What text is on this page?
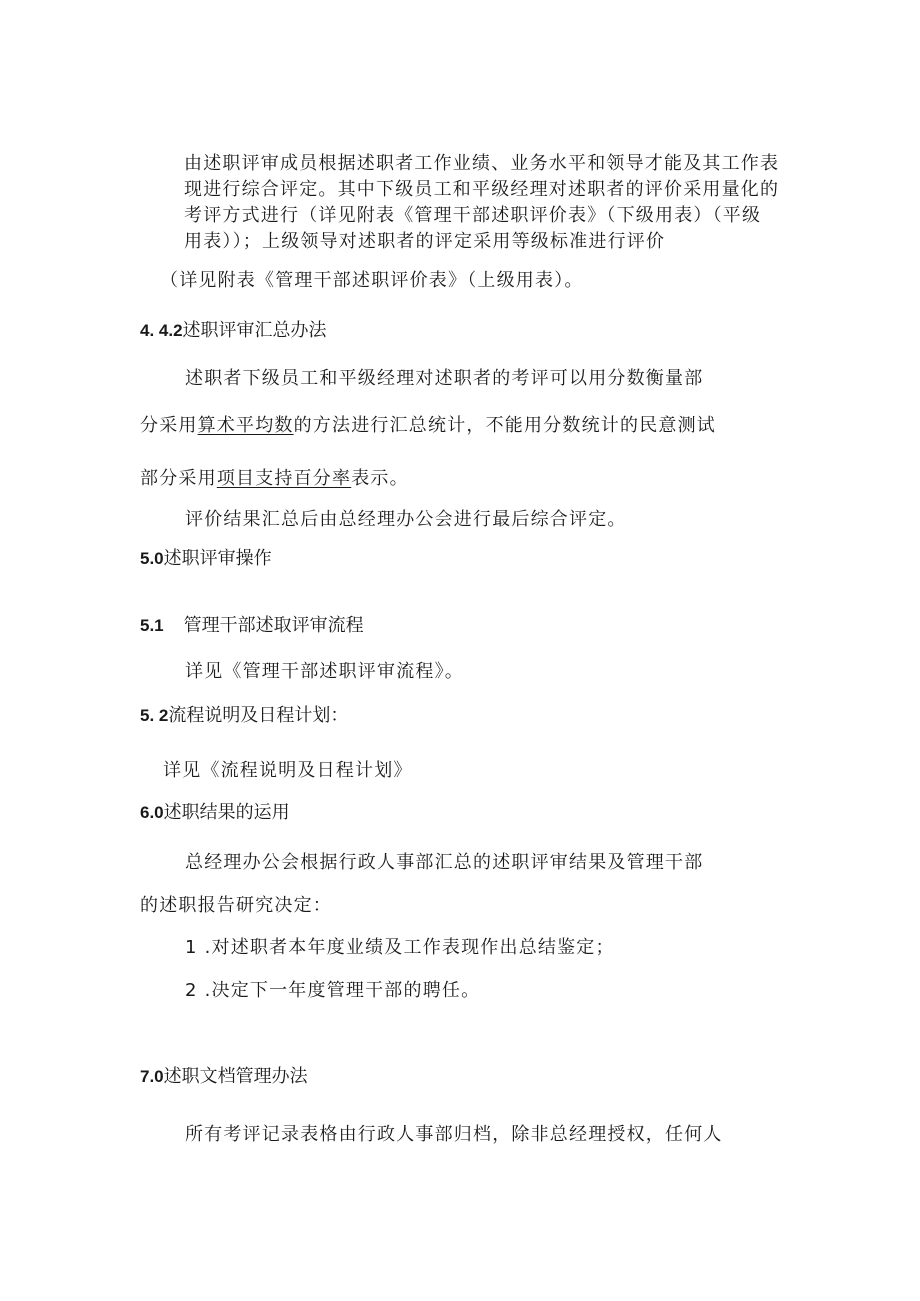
由述职评审成员根据述职者工作业绩、业务水平和领导才能及其工作表
现进行综合评定。其中下级员工和平级经理对述职者的评价采用量化的
考评方式进行（详见附表《管理干部述职评价表》（下级用表）（平级
用表））；上级领导对述职者的评定采用等级标准进行评价
（详见附表《管理干部述职评价表》（上级用表）。
4. 4.2述职评审汇总办法
述职者下级员工和平级经理对述职者的考评可以用分数衡量部
分采用算术平均数的方法进行汇总统计，不能用分数统计的民意测试
部分采用项目支持百分率表示。
评价结果汇总后由总经理办公会进行最后综合评定。
5.0述职评审操作
5.1 管理干部述取评审流程
详见《管理干部述职评审流程》。
5. 2流程说明及日程计划：
详见《流程说明及日程计划》
6.0述职结果的运用
总经理办公会根据行政人事部汇总的述职评审结果及管理干部
的述职报告研究决定：
1 .对述职者本年度业绩及工作表现作出总结鉴定；
2 .决定下一年度管理干部的聘任。
7.0述职文档管理办法
所有考评记录表格由行政人事部归档，除非总经理授权，任何人
